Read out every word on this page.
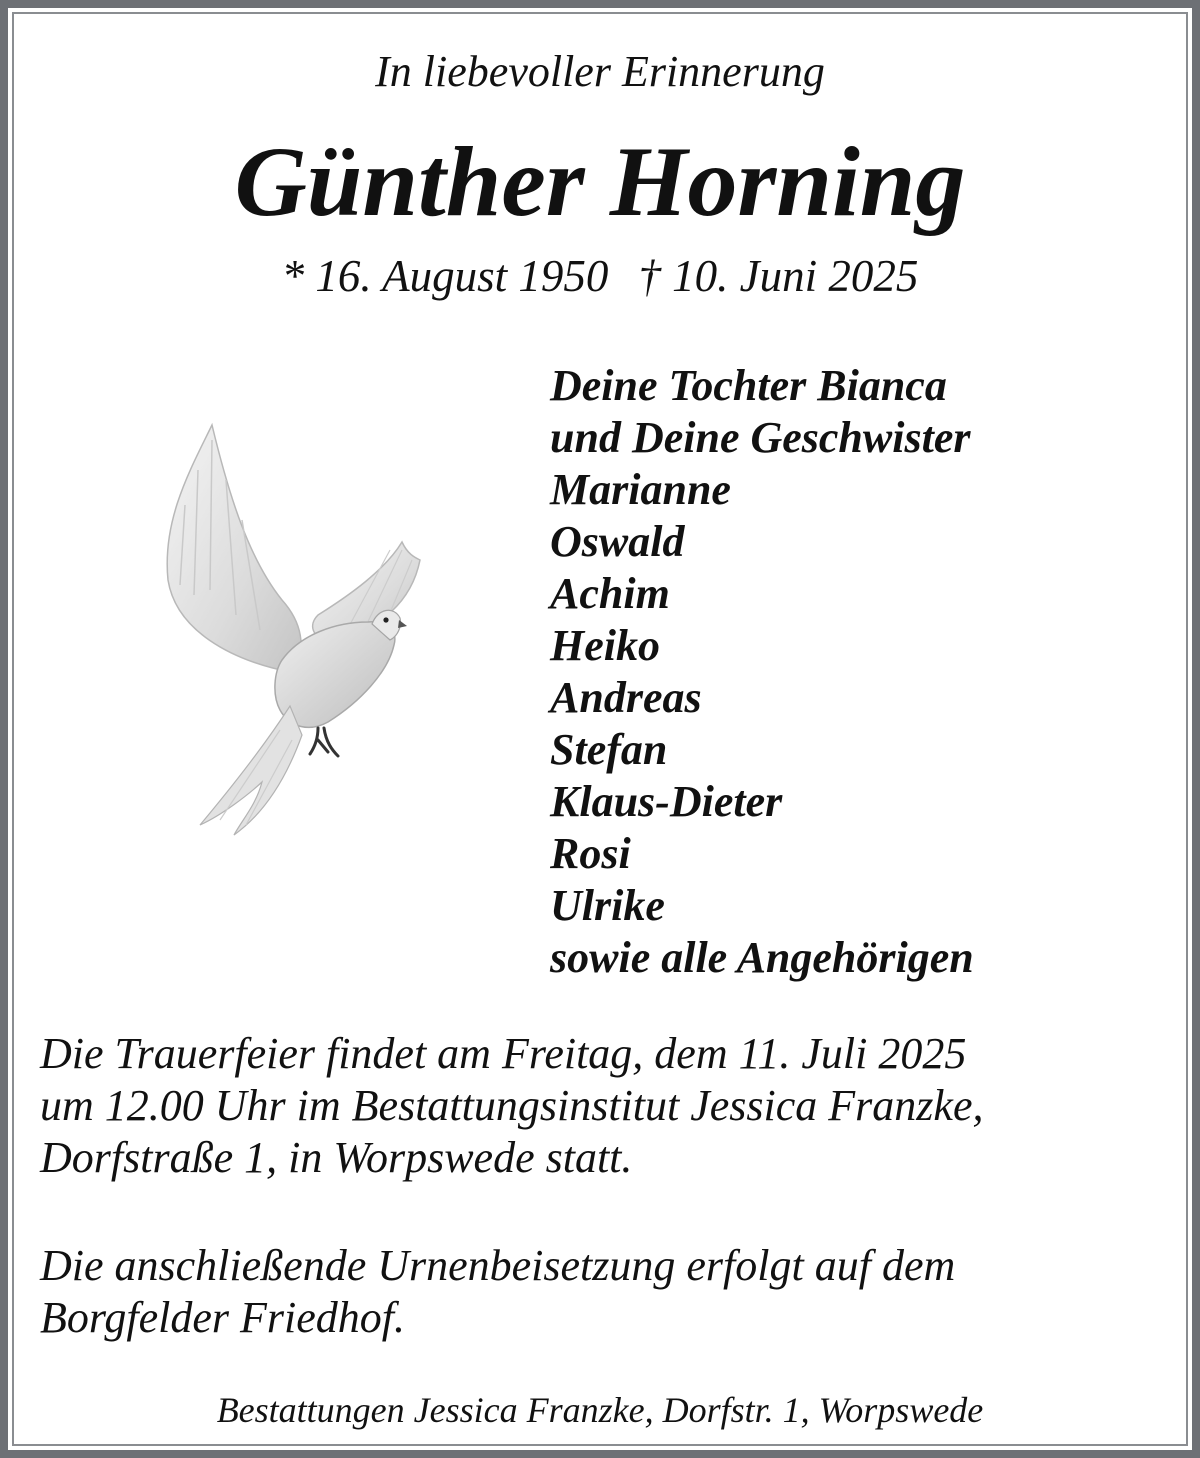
In liebevoller Erinnerung
Günther Horning
* 16. August 1950 † 10. Juni 2025
Deine Tochter Bianca
und Deine Geschwister
Marianne
Oswald
Achim
Heiko
Andreas
Stefan
Klaus-Dieter
Rosi
Ulrike
sowie alle Angehörigen
Die Trauerfeier findet am Freitag, dem 11. Juli 2025
um 12.00 Uhr im Bestattungsinstitut Jessica Franzke,
Dorfstraße 1, in Worpswede statt.
Die anschließende Urnenbeisetzung erfolgt auf dem
Borgfelder Friedhof.
Bestattungen Jessica Franzke, Dorfstr. 1, Worpswede
